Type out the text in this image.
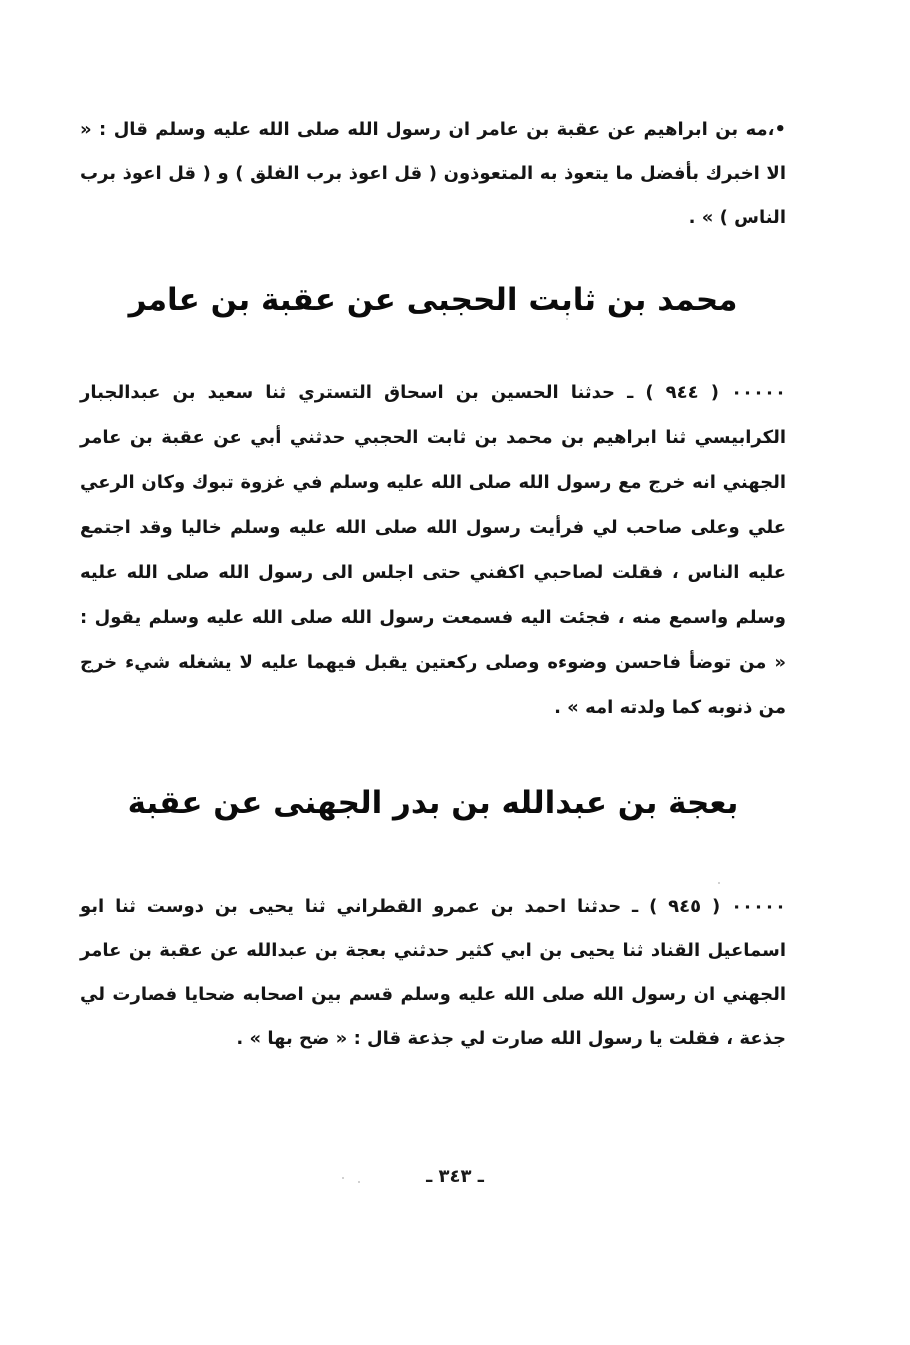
•،مه بن ابراهيم عن عقبة بن عامر ان رسول الله صلى الله عليه وسلم قال : « الا اخبرك بأفضل ما يتعوذ به المتعوذون ( قل اعوذ برب الفلق ) و ( قل اعوذ برب الناس ) » .

محمد بن ثابت الحجبى عن عقبة بن عامر

٠٠٠٠٠ ( ٩٤٤ ) ـ حدثنا الحسين بن اسحاق التستري ثنا سعيد بن عبدالجبار الكرابيسي ثنا ابراهيم بن محمد بن ثابت الحجبي حدثني أبي عن عقبة بن عامر الجهني انه خرج مع رسول الله صلى الله عليه وسلم في غزوة تبوك وكان الرعي علي وعلى صاحب لي فرأيت رسول الله صلى الله عليه وسلم خاليا وقد اجتمع عليه الناس ، فقلت لصاحبي اكفني حتى اجلس الى رسول الله صلى الله عليه وسلم واسمع منه ، فجئت اليه فسمعت رسول الله صلى الله عليه وسلم يقول : « من توضأ فاحسن وضوءه وصلى ركعتين يقبل فيهما عليه لا يشغله شيء خرج من ذنوبه كما ولدته امه » .

بعجة بن عبدالله بن بدر الجهنى عن عقبة

٠٠٠٠٠ ( ٩٤٥ ) ـ حدثنا احمد بن عمرو القطراني ثنا يحيى بن دوست ثنا ابو اسماعيل القناد ثنا يحيى بن ابي كثير حدثني بعجة بن عبدالله عن عقبة بن عامر الجهني ان رسول الله صلى الله عليه وسلم قسم بين اصحابه ضحايا فصارت لي جذعة ، فقلت يا رسول الله صارت لي جذعة قال : « ضح بها » .

ـ ٣٤٣ ـ
